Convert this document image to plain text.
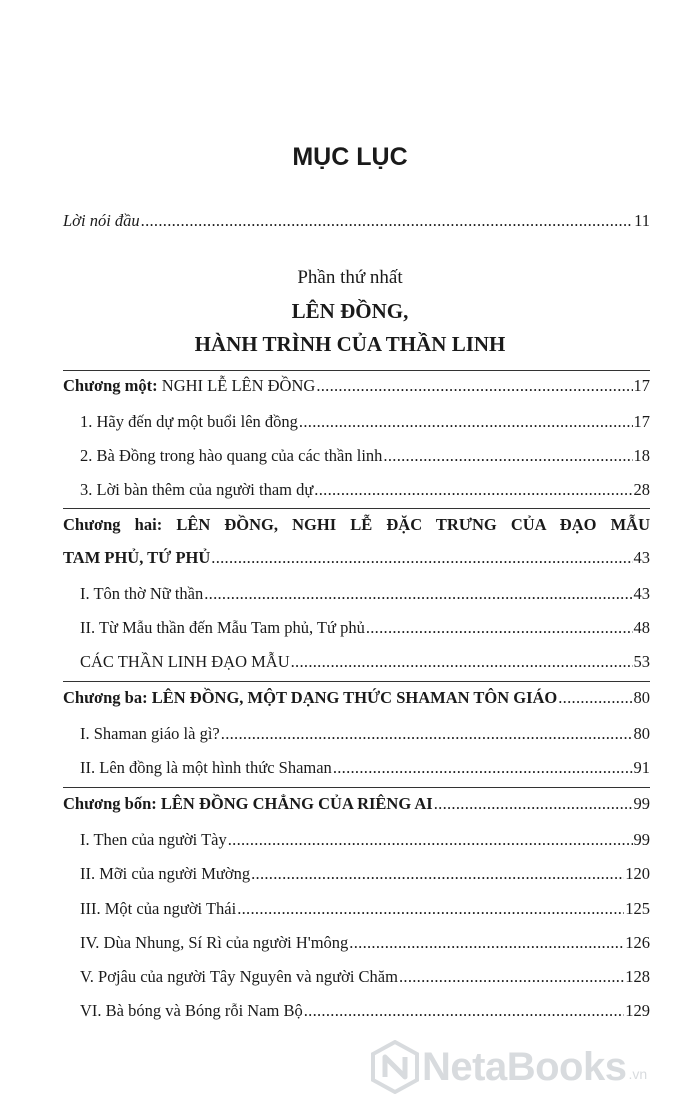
MỤC LỤC
Lời nói đầu .....	11
Phần thứ nhất
LÊN ĐỒNG,
HÀNH TRÌNH CỦA THẦN LINH
Chương một: NGHI LỄ LÊN ĐỒNG .....	17
1. Hãy đến dự một buổi lên đồng .....	17
2. Bà Đồng trong hào quang của các thần linh .....	18
3. Lời bàn thêm của người tham dự .....	28
Chương hai: LÊN ĐỒNG, NGHI LỄ ĐẶC TRƯNG CỦA ĐẠO MẪU
TAM PHỦ, TỨ PHỦ .....	43
I. Tôn thờ Nữ thần .....	43
II. Từ Mẫu thần đến Mẫu Tam phủ, Tứ phủ .....	48
CÁC THẦN LINH ĐẠO MẪU .....	53
Chương ba: LÊN ĐỒNG, MỘT DẠNG THỨC SHAMAN TÔN GIÁO .....	80
I. Shaman giáo là gì? .....	80
II. Lên đồng là một hình thức Shaman .....	91
Chương bốn: LÊN ĐỒNG CHẲNG CỦA RIÊNG AI .....	99
I. Then của người Tày .....	99
II. Mỡi của người Mường .....	120
III. Một của người Thái .....	125
IV. Dùa Nhung, Sí Rì của người H'mông .....	126
V. Pơjâu của người Tây Nguyên và người Chăm .....	128
VI. Bà bóng và Bóng rỗi Nam Bộ .....	129
NetaBooks .vn
